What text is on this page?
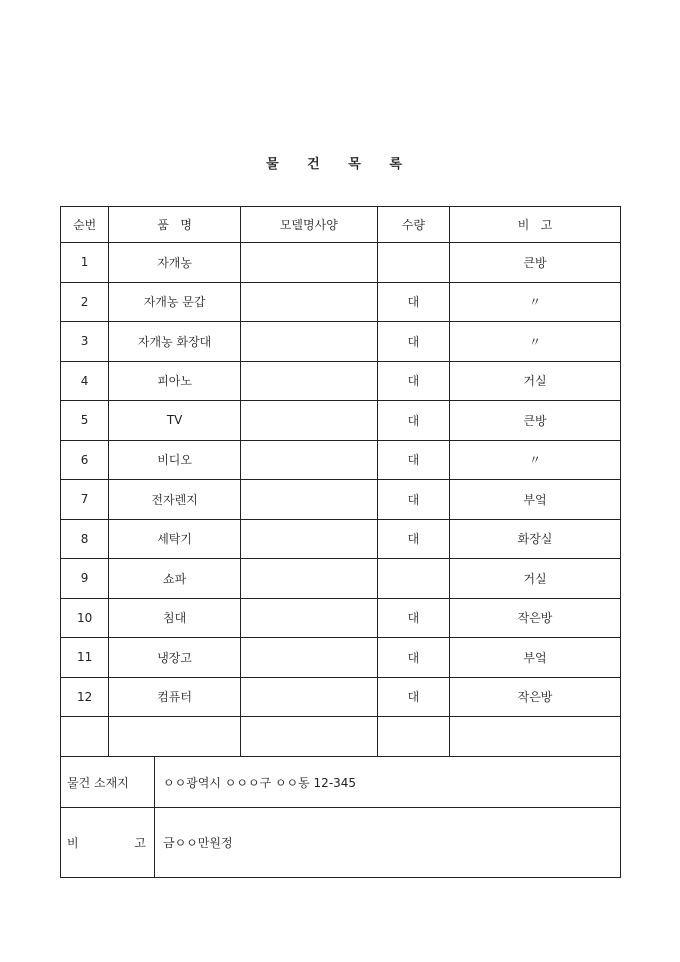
물 건 목 록
순번	품   명	모델명사양	수량	비   고
1	자개농			큰방
2	자개농 문갑		대	〃
3	자개농 화장대		대	〃
4	피아노		대	거실
5	TV		대	큰방
6	비디오		대	〃
7	전자렌지		대	부엌
8	세탁기		대	화장실
9	쇼파			거실
10	침대		대	작은방
11	냉장고		대	부엌
12	컴퓨터		대	작은방

물건 소재지	ㅇㅇ광역시 ㅇㅇㅇ구 ㅇㅇ동 12-345

비 고	금ㅇㅇ만원정
